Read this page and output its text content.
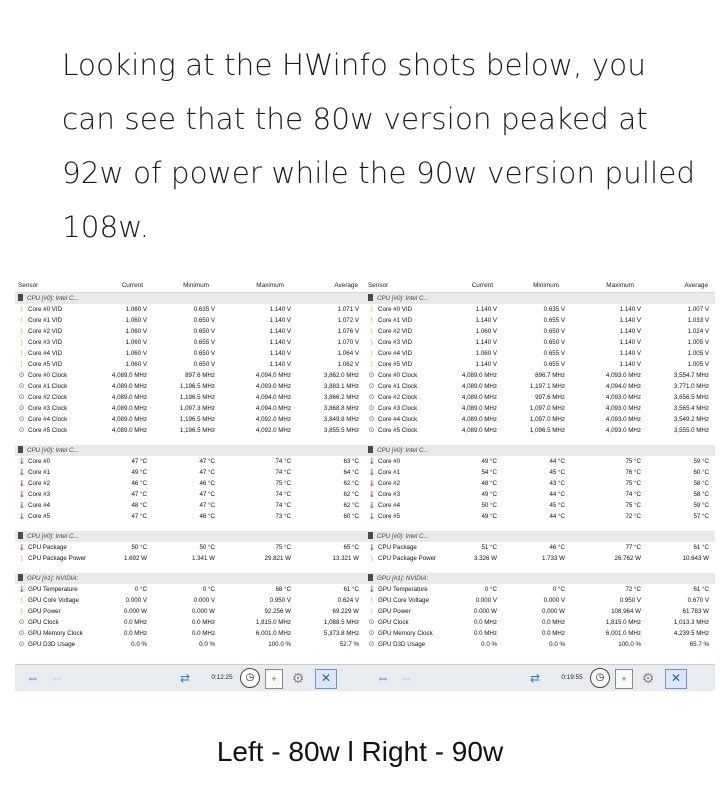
Looking at the HWinfo shots below, you can see that the 80w version peaked at 92w of power while the 90w version pulled 108w.

Sensor	Current	Minimum	Maximum	Average
CPU [#0]: Intel C...
⟆ Core #0 VID	1.060 V	0.635 V	1.140 V	1.071 V
⟆ Core #1 VID	1.060 V	0.650 V	1.140 V	1.072 V
⟆ Core #2 VID	1.060 V	0.650 V	1.140 V	1.076 V
⟆ Core #3 VID	1.060 V	0.655 V	1.140 V	1.070 V
⟆ Core #4 VID	1.060 V	0.650 V	1.140 V	1.064 V
⟆ Core #5 VID	1.060 V	0.650 V	1.140 V	1.062 V
⊙ Core #0 Clock	4,089.0 MHz	897.6 MHz	4,094.0 MHz	3,862.0 MHz
⊙ Core #1 Clock	4,089.0 MHz	1,196.5 MHz	4,093.0 MHz	3,883.1 MHz
⊙ Core #2 Clock	4,089.0 MHz	1,196.5 MHz	4,094.0 MHz	3,866.2 MHz
⊙ Core #3 Clock	4,089.0 MHz	1,097.3 MHz	4,094.0 MHz	3,868.8 MHz
⊙ Core #4 Clock	4,089.0 MHz	1,196.5 MHz	4,092.0 MHz	3,849.8 MHz
⊙ Core #5 Clock	4,089.0 MHz	1,196.5 MHz	4,092.0 MHz	3,855.5 MHz
CPU [#0]: Intel C...
🌡 Core #0	47 °C	47 °C	74 °C	63 °C
🌡 Core #1	49 °C	47 °C	74 °C	64 °C
🌡 Core #2	46 °C	46 °C	75 °C	62 °C
🌡 Core #3	47 °C	47 °C	74 °C	62 °C
🌡 Core #4	48 °C	47 °C	74 °C	62 °C
🌡 Core #5	47 °C	46 °C	73 °C	60 °C
CPU [#0]: Intel C...
🌡 CPU Package	50 °C	50 °C	75 °C	65 °C
⟆ CPU Package Power	1.692 W	1.341 W	29.821 W	13.321 W
GPU [#1]: NVIDIA:
🌡 GPU Temperature	0 °C	0 °C	68 °C	61 °C
⟆ GPU Core Voltage	0.000 V	0.000 V	0.950 V	0.624 V
⟆ GPU Power	0.000 W	0.000 W	92.256 W	69.229 W
⊙ GPU Clock	0.0 MHz	0.0 MHz	1,815.0 MHz	1,088.5 MHz
⊙ GPU Memory Clock	0.0 MHz	0.0 MHz	6,001.0 MHz	5,373.8 MHz
⊙ GPU D3D Usage	0.0 %	0.0 %	100.0 %	52.7 %
Sensor	Current	Minimum	Maximum	Average
CPU [#0]: Intel C...
⟆ Core #0 VID	1.140 V	0.635 V	1.140 V	1.007 V
⟆ Core #1 VID	1.140 V	0.655 V	1.140 V	1.033 V
⟆ Core #2 VID	1.060 V	0.650 V	1.140 V	1.024 V
⟆ Core #3 VID	1.140 V	0.650 V	1.140 V	1.005 V
⟆ Core #4 VID	1.060 V	0.655 V	1.140 V	1.005 V
⟆ Core #5 VID	1.140 V	0.655 V	1.140 V	1.005 V
⊙ Core #0 Clock	4,089.0 MHz	896.7 MHz	4,093.0 MHz	3,554.7 MHz
⊙ Core #1 Clock	4,089.0 MHz	1,197.1 MHz	4,094.0 MHz	3,771.0 MHz
⊙ Core #2 Clock	4,089.0 MHz	997.6 MHz	4,093.0 MHz	3,656.5 MHz
⊙ Core #3 Clock	4,089.0 MHz	1,097.0 MHz	4,093.0 MHz	3,565.4 MHz
⊙ Core #4 Clock	4,089.0 MHz	1,097.0 MHz	4,093.0 MHz	3,549.2 MHz
⊙ Core #5 Clock	4,089.0 MHz	1,096.5 MHz	4,093.0 MHz	3,555.0 MHz
CPU [#0]: Intel C...
🌡 Core #0	49 °C	44 °C	75 °C	59 °C
🌡 Core #1	54 °C	45 °C	76 °C	60 °C
🌡 Core #2	48 °C	43 °C	75 °C	58 °C
🌡 Core #3	49 °C	44 °C	74 °C	58 °C
🌡 Core #4	50 °C	45 °C	75 °C	59 °C
🌡 Core #5	49 °C	44 °C	72 °C	57 °C
CPU [#0]: Intel C...
🌡 CPU Package	51 °C	46 °C	77 °C	61 °C
⟆ CPU Package Power	3.326 W	1.733 W	26.762 W	10.643 W
GPU [#1]: NVIDIA:
🌡 GPU Temperature	0 °C	0 °C	72 °C	61 °C
⟆ GPU Core Voltage	0.000 V	0.000 V	0.950 V	0.670 V
⟆ GPU Power	0.000 W	0.000 W	108.964 W	61.783 W
⊙ GPU Clock	0.0 MHz	0.0 MHz	1,815.0 MHz	1,013.3 MHz
⊙ GPU Memory Clock	0.0 MHz	0.0 MHz	6,001.0 MHz	4,239.5 MHz
⊙ GPU D3D Usage	0.0 %	0.0 %	100.0 %	65.7 %
⇔ ⇔	⇄	0:12:25	◷	+	⚙	✕	⇔ ⇔	⇄	0:19:55	◷	+	⚙	✕
Left - 80w l Right - 90w
